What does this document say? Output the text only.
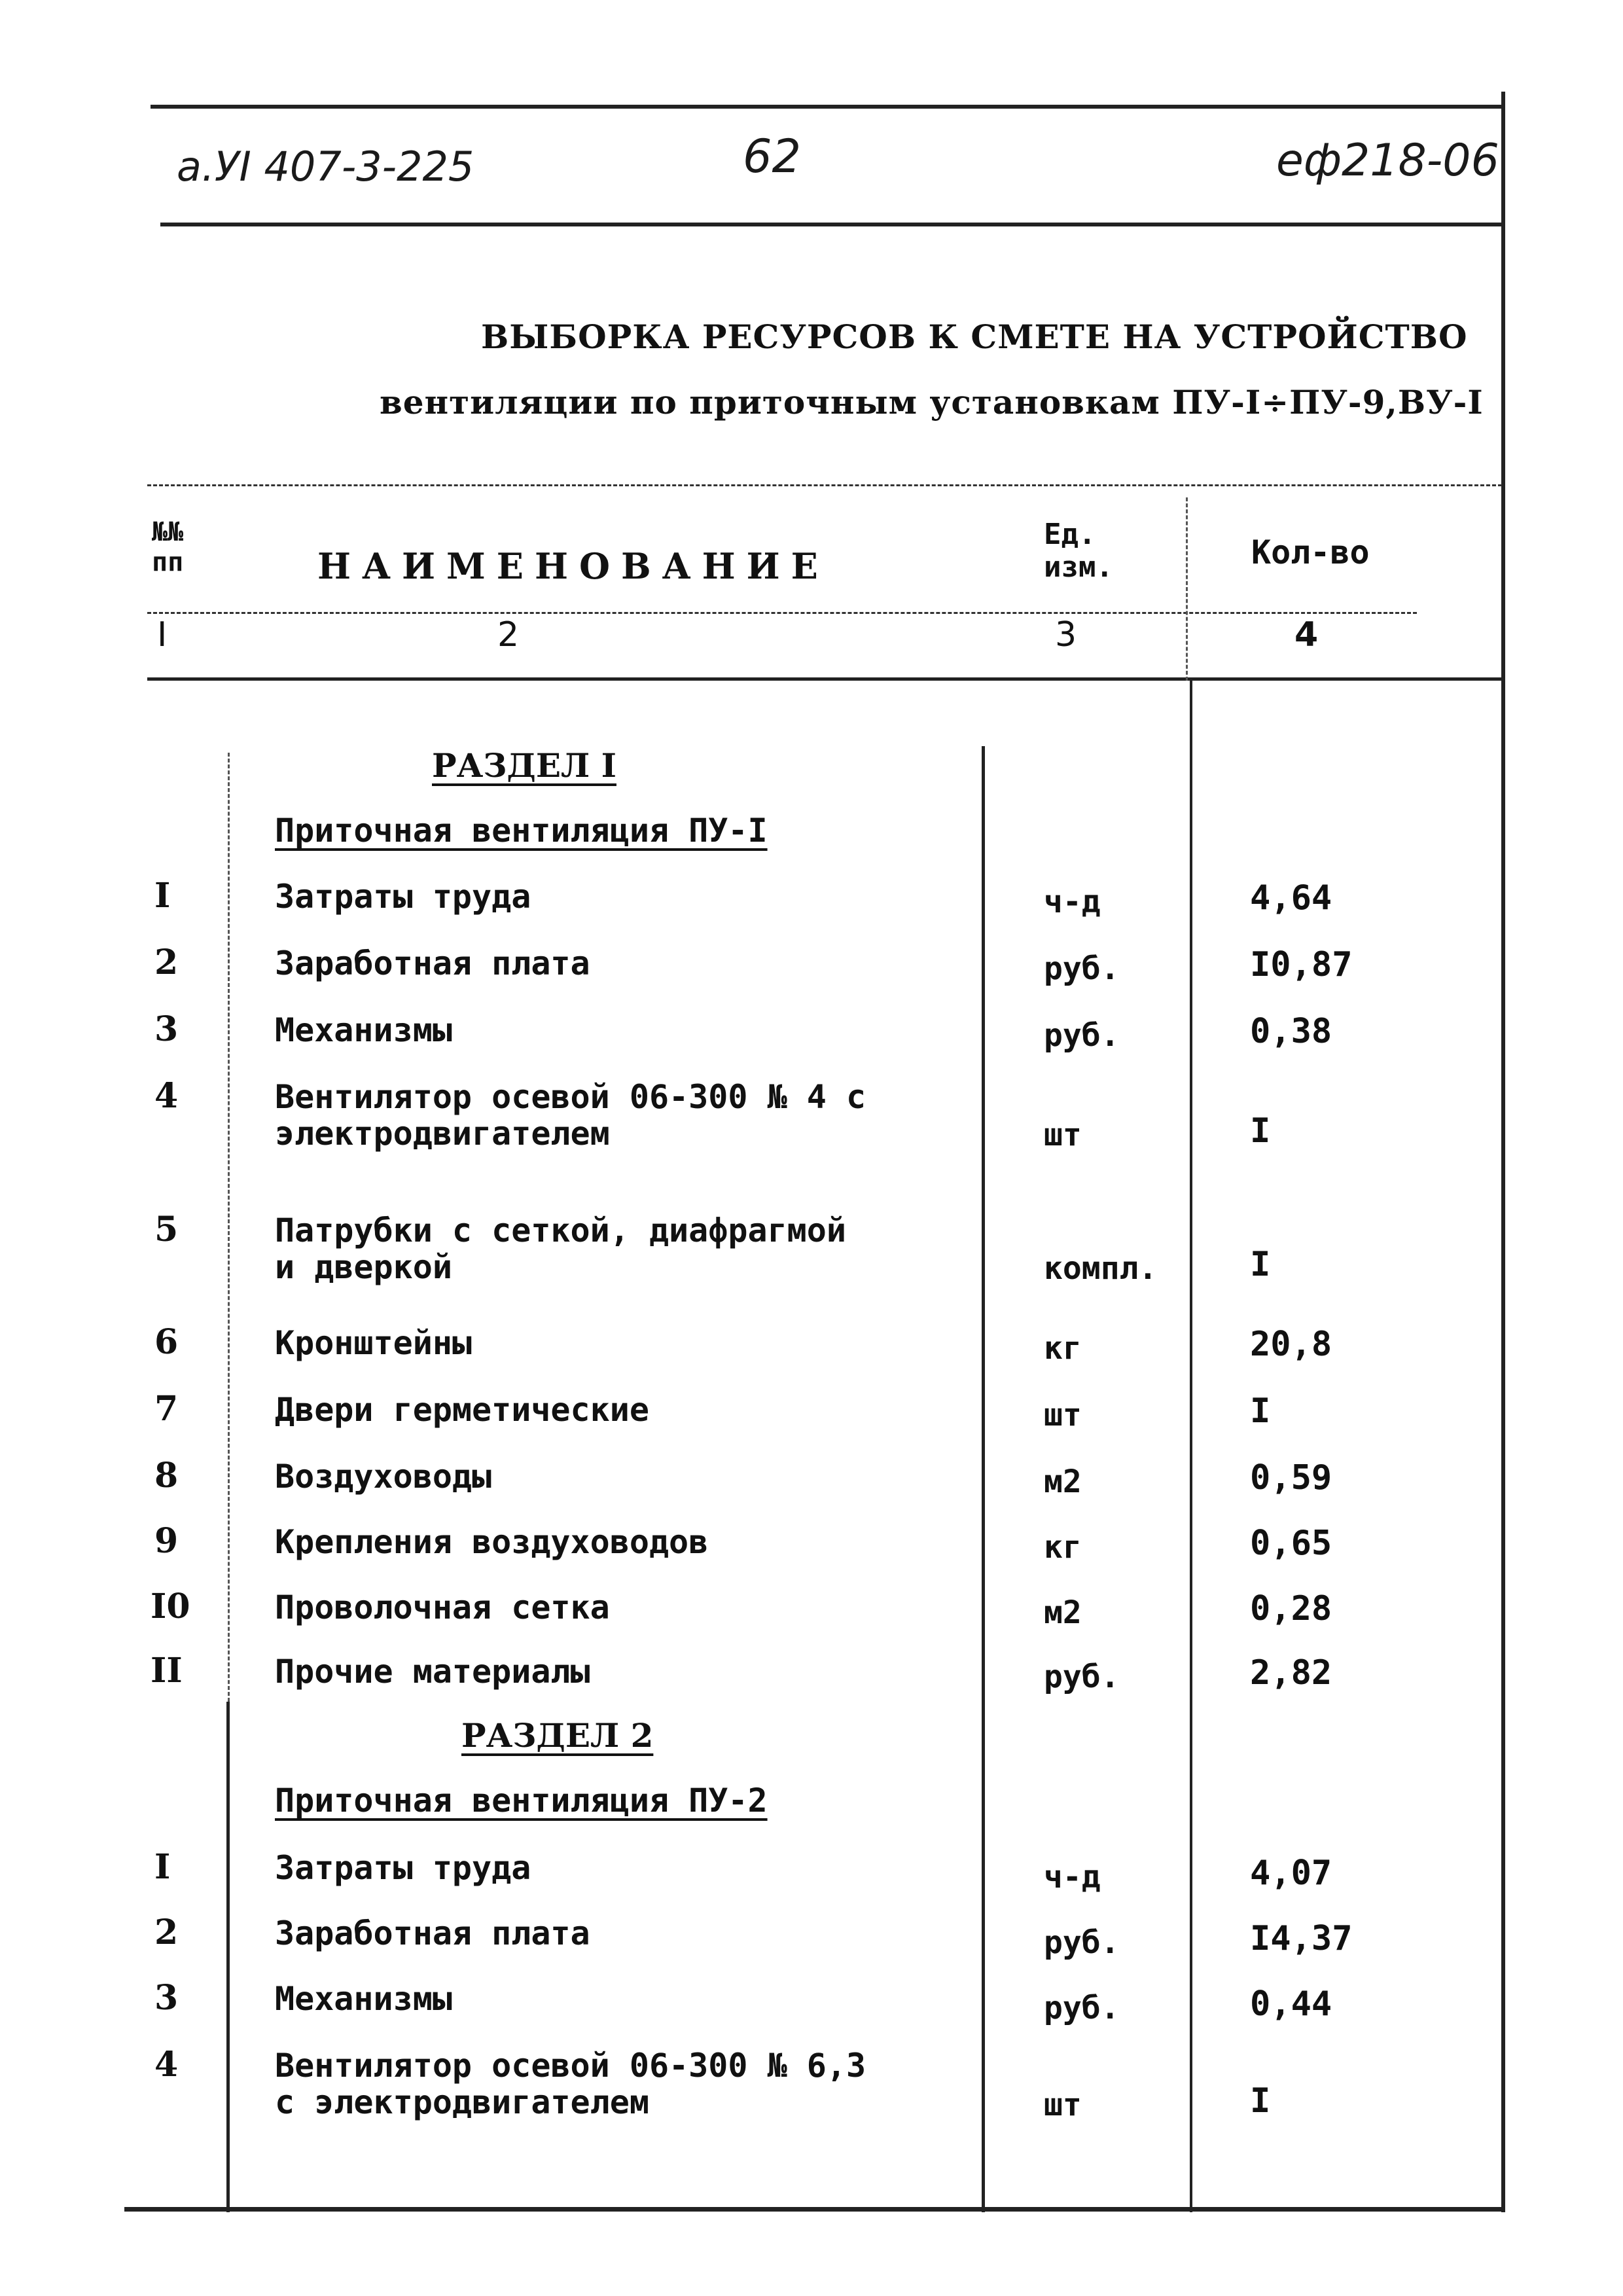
а.УI 407-3-225	62	еф218-06
ВЫБОРКА РЕСУРСОВ К СМЕТЕ НА УСТРОЙСТВО
вентиляции по приточным установкам ПУ-I÷ПУ-9,ВУ-I
№№
пп	НАИМЕНОВАНИЕ
Ед.
изм.	Кол-во
I	2	3	4
РАЗДЕЛ I
Приточная вентиляция ПУ-I
I	Затраты труда	ч-д	4,64
2	Заработная плата	руб.	I0,87
3	Механизмы	руб.	0,38
4	Вентилятор осевой 06-300 № 4 с
электродвигателем	шт	I
5	Патрубки с сеткой, диафрагмой
и дверкой	компл.	I
6	Кронштейны	кг	20,8
7	Двери герметические	шт	I
8	Воздуховоды	м2	0,59
9	Крепления воздуховодов	кг	0,65
I0	Проволочная сетка	м2	0,28
II	Прочие материалы	руб.	2,82
РАЗДЕЛ 2
Приточная вентиляция ПУ-2
I	Затраты труда	ч-д	4,07
2	Заработная плата	руб.	I4,37
3	Механизмы	руб.	0,44
4	Вентилятор осевой 06-300 № 6,3
с электродвигателем	шт	I
